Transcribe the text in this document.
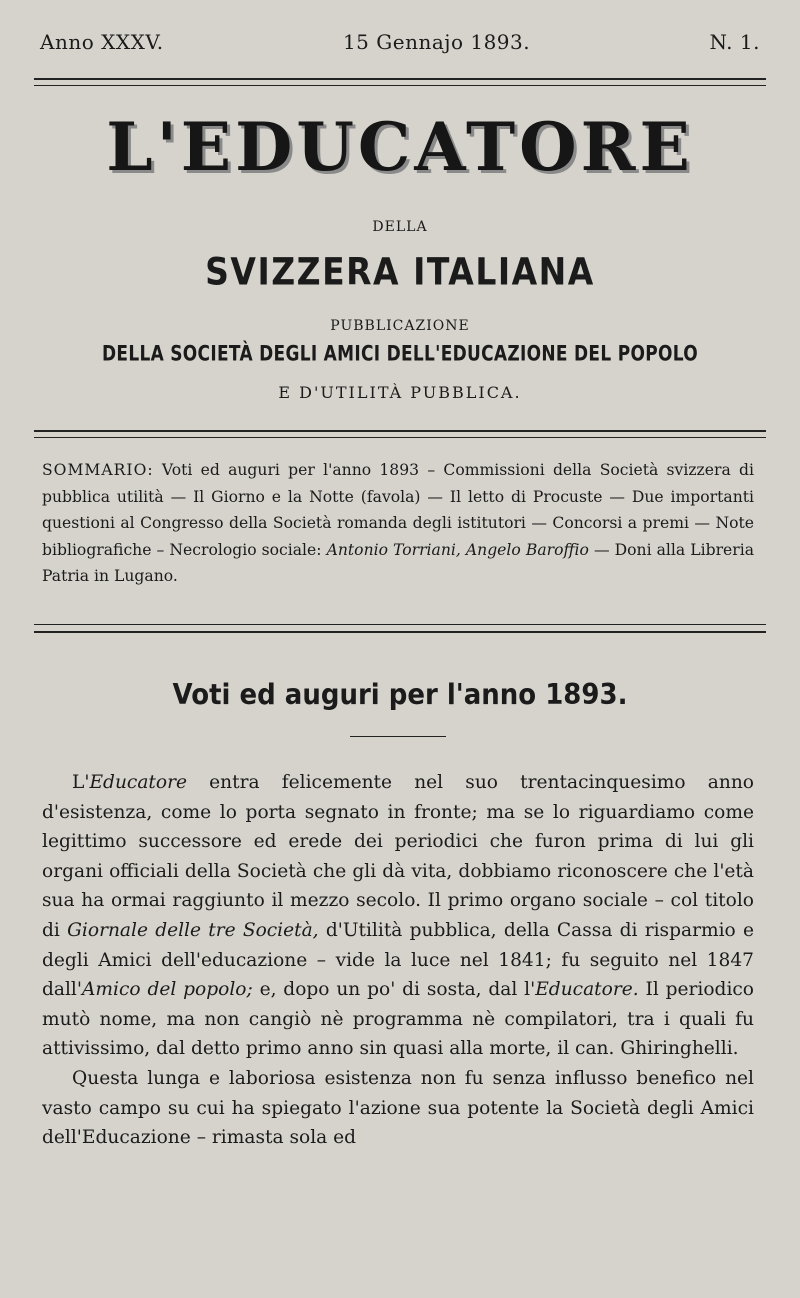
Anno XXXV.	15 Gennajo 1893.	N. 1.
L'EDUCATORE
DELLA
SVIZZERA ITALIANA
PUBBLICAZIONE
DELLA SOCIETÀ DEGLI AMICI DELL'EDUCAZIONE DEL POPOLO
E D'UTILITÀ PUBBLICA.
SOMMARIO: Voti ed auguri per l'anno 1893 – Commissioni della Società svizzera di pubblica utilità — Il Giorno e la Notte (favola) — Il letto di Procuste — Due importanti questioni al Congresso della Società romanda degli istitutori — Concorsi a premi — Note bibliografiche – Necrologio sociale: Antonio Torriani, Angelo Baroffio — Doni alla Libreria Patria in Lugano.
Voti ed auguri per l'anno 1893.

L'Educatore entra felicemente nel suo trentacinquesimo anno d'esistenza, come lo porta segnato in fronte; ma se lo riguardiamo come legittimo successore ed erede dei periodici che furon prima di lui gli organi officiali della Società che gli dà vita, dobbiamo riconoscere che l'età sua ha ormai raggiunto il mezzo secolo. Il primo organo sociale – col titolo di Giornale delle tre Società, d'Utilità pubblica, della Cassa di risparmio e degli Amici dell'educazione – vide la luce nel 1841; fu seguito nel 1847 dall'Amico del popolo; e, dopo un po' di sosta, dal l'Educatore. Il periodico mutò nome, ma non cangiò nè programma nè compilatori, tra i quali fu attivissimo, dal detto primo anno sin quasi alla morte, il can. Ghiringhelli.

Questa lunga e laboriosa esistenza non fu senza influsso benefico nel vasto campo su cui ha spiegato l'azione sua potente la Società degli Amici dell'Educazione – rimasta sola ed
